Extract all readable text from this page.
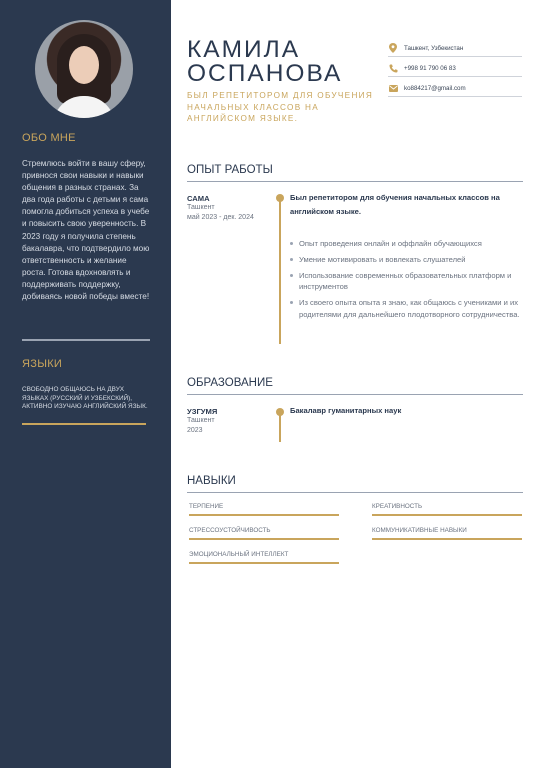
ОБО МНЕ
Стремлюсь войти в вашу сферу, привнося свои навыки и навыки общения в разных странах. За два года работы с детьми я сама помогла добиться успеха в учебе и повысить свою уверенность. В 2023 году я получила степень бакалавра, что подтвердило мою ответственность и желание роста. Готова вдохновлять и поддерживать поддержку, добиваясь новой победы вместе!
ЯЗЫКИ
СВОБОДНО ОБЩАЮСЬ НА ДВУХ ЯЗЫКАХ (РУССКИЙ И УЗБЕКСКИЙ), АКТИВНО ИЗУЧАЮ АНГЛИЙСКИЙ ЯЗЫК.
КАМИЛА
ОСПАНОВА
БЫЛ РЕПЕТИТОРОМ ДЛЯ ОБУЧЕНИЯ НАЧАЛЬНЫХ КЛАССОВ НА АНГЛИЙСКОМ ЯЗЫКЕ.
Ташкент, Узбекистан
+998 91 790 06 83
ko884217@gmail.com
ОПЫТ РАБОТЫ
САМА
Ташкент
май 2023 - дек. 2024
Был репетитором для обучения начальных классов на английском языке.
Опыт проведения онлайн и оффлайн обучающихся
Умение мотивировать и вовлекать слушателей
Использование современных образовательных платформ и инструментов
Из своего опыта опыта я знаю, как общаюсь с учениками и их родителями для дальнейшего плодотворного сотрудничества.
ОБРАЗОВАНИЕ
УЗГУМЯ
Ташкент
2023
Бакалавр гуманитарных наук
НАВЫКИ
ТЕРПЕНИЕ	КРЕАТИВНОСТЬ
СТРЕССОУСТОЙЧИВОСТЬ	КОММУНИКАТИВНЫЕ НАВЫКИ
ЭМОЦИОНАЛЬНЫЙ ИНТЕЛЛЕКТ
